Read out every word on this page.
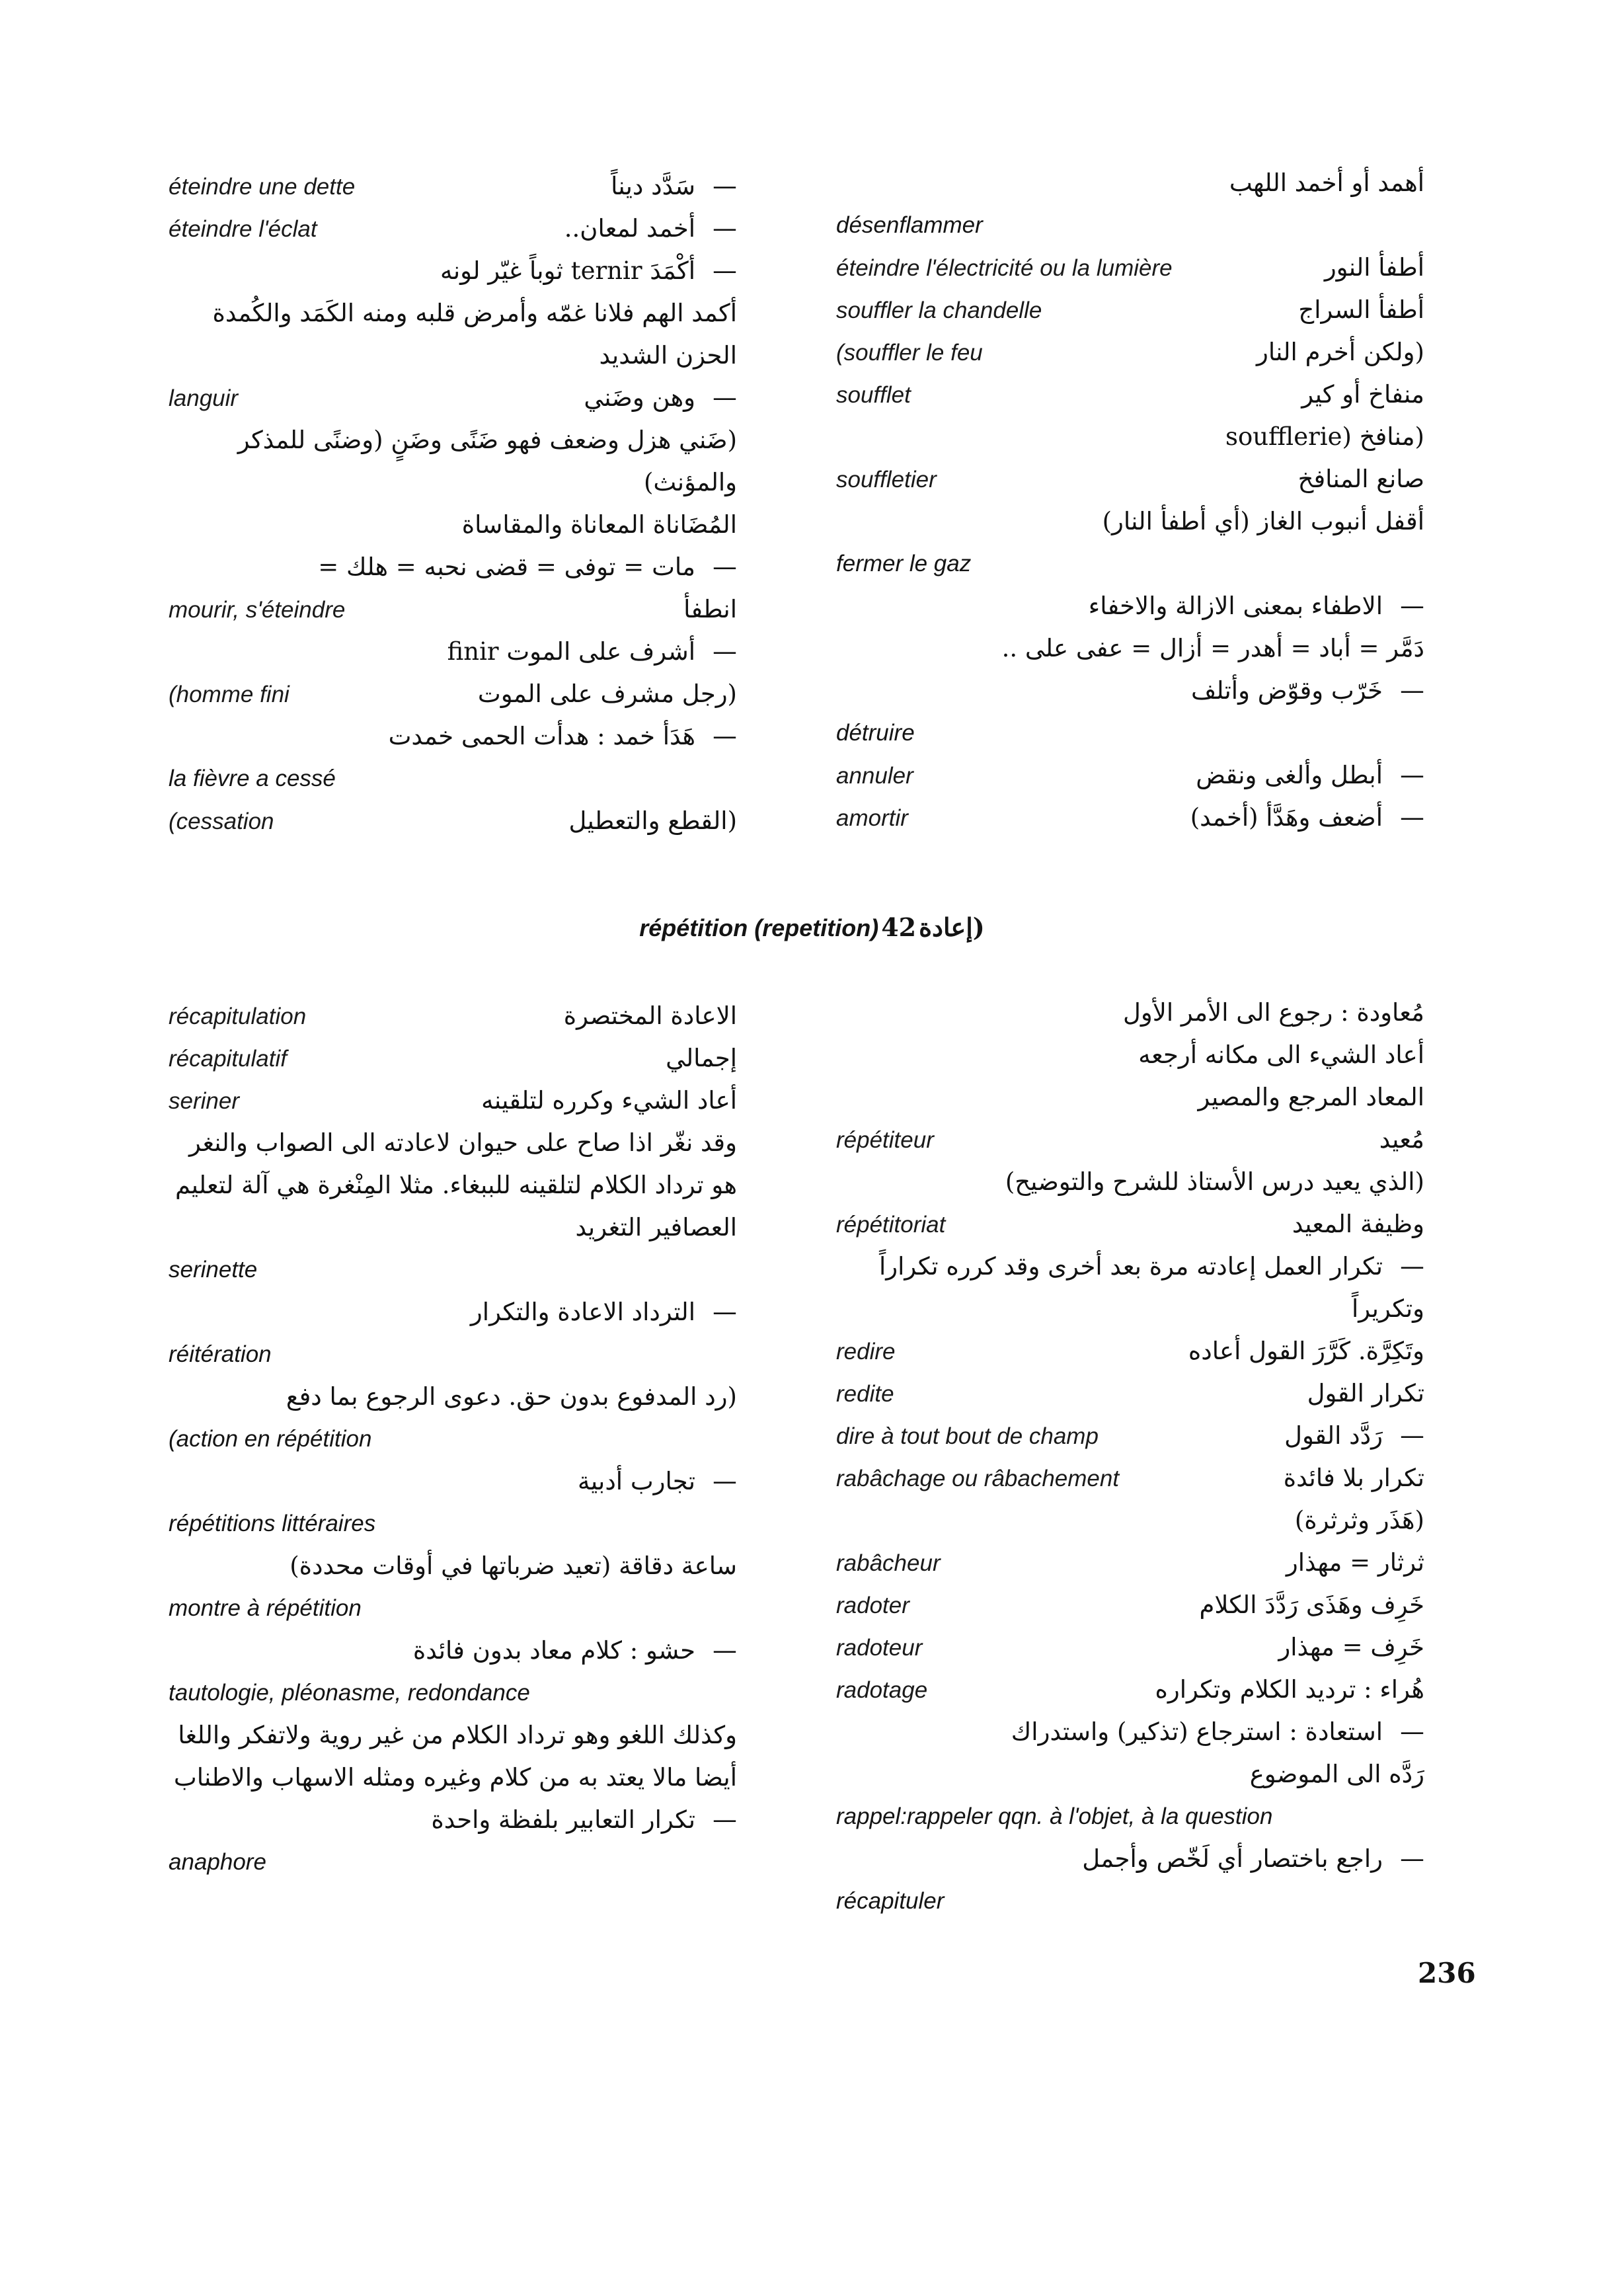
— سَدَّد ديناً
éteindre une dette
— أخمد لمعان..
éteindre l'éclat
— أكْمَدَ ternir ثوباً غيّر لونه
أكمد الهم فلانا غمّه وأمرض قلبه ومنه الكَمَد والكُمدة الحزن الشديد
— وهن وضَني
languir
(ضَني هزل وضعف فهو ضَنًى وضَنٍ (وضنًى للمذكر والمؤنث)
المُضَاناة المعاناة والمقاساة
— مات = توفى = قضى نحبه = هلك =
انطفأ
mourir, s'éteindre
— أشرف على الموت finir
(رجل مشرف على الموت
(homme fini
— هَدَأ خمد : هدأت الحمى خمدت
la fièvre a cessé
(القطع والتعطيل
(cessation
أهمد أو أخمد اللهب
désenflammer
أطفأ النور
éteindre l'électricité ou la lumière
أطفأ السراج
souffler la chandelle
(ولكن أخرم النار
(souffler le feu
منفاخ أو كير
soufflet
(منافخ (soufflerie
صانع المنافخ
souffletier
أقفل أنبوب الغاز (أي أطفأ النار)
fermer le gaz
— الاطفاء بمعنى الازالة والاخفاء
دَمَّر = أباد = أهدر = أزال = عفى على ..
— خَرّب وقوّض وأتلف
détruire
— أبطل وألغى ونقض
annuler
— أضعف وهَدَّأ (أخمد)
amortir
répétition (repetition) إعادة 42)
الاعادة المختصرة
récapitulation
إجمالي
récapitulatif
أعاد الشيء وكرره لتلقينه
seriner
وقد نغّر اذا صاح على حيوان لاعادته الى الصواب والنغر هو ترداد الكلام لتلقينه للببغاء. مثلا المِنْغرة هي آلة لتعليم العصافير التغريد
serinette
— الترداد الاعادة والتكرار
réitération
(رد المدفوع بدون حق. دعوى الرجوع بما دفع
(action en répétition
— تجارب أدبية
répétitions littéraires
ساعة دقاقة (تعيد ضرباتها في أوقات محددة)
montre à répétition
— حشو : كلام معاد بدون فائدة
tautologie, pléonasme, redondance
وكذلك اللغو وهو ترداد الكلام من غير روية ولاتفكر واللغا أيضا مالا يعتد به من كلام وغيره ومثله الاسهاب والاطناب
— تكرار التعابير بلفظة واحدة
anaphore
مُعاودة : رجوع الى الأمر الأول
أعاد الشيء الى مكانه أرجعه
المعاد المرجع والمصير
مُعيد
répétiteur
(الذي يعيد درس الأستاذ للشرح والتوضيح)
وظيفة المعيد
répétitoriat
— تكرار العمل إعادته مرة بعد أخرى وقد كرره تكراراً وتكريراً
وتَكِرَّة. كَرَّرَ القول أعاده
redire
تكرار القول
redite
— رَدَّد القول
dire à tout bout de champ
تكرار بلا فائدة
rabâchage ou râbachement
(هَذَر وثرثرة)
ثرثار = مهذار
rabâcheur
خَرِف وهَذَى رَدَّدَ الكلام
radoter
خَرِف = مهذار
radoteur
هُراء : ترديد الكلام وتكراره
radotage
— استعادة : استرجاع (تذكير) واستدراك
رَدَّه الى الموضوع
rappel:rappeler qqn. à l'objet, à la question
— راجع باختصار أي لَخّص وأجمل
récapituler
236
